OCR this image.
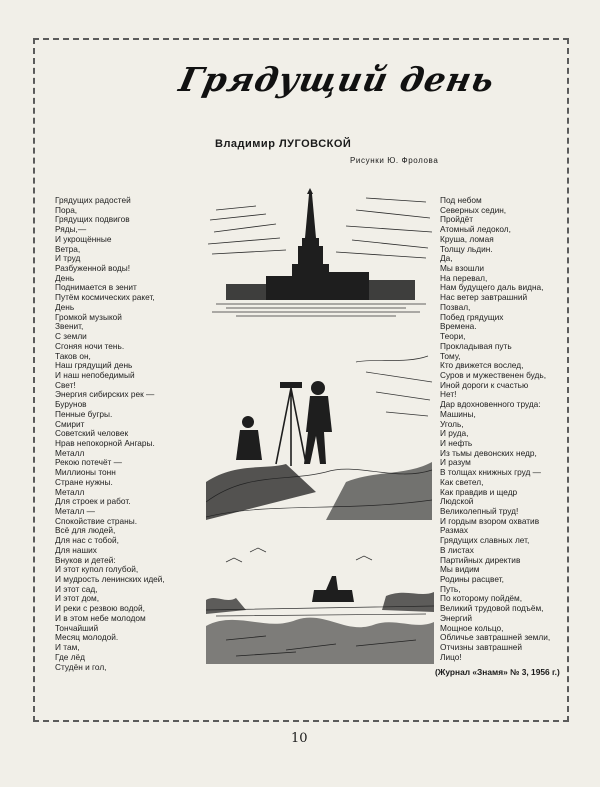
Грядущий день
Владимир ЛУГОВСКОЙ
Рисунки Ю. Фролова
Грядущих радостей
Пора,
Грядущих подвигов
Ряды,—
И укрощённые
Ветра,
И труд
Разбуженной воды!
День
Поднимается в зенит
Путём космических ракет,
День
Громкой музыкой
Звенит,
С земли
Сгоняя ночи тень.
Таков он,
Наш грядущий день
И наш непобедимый
Свет!
Энергия сибирских рек —
Бурунов
Пенные бугры.
Смирит
Советский человек
Нрав непокорной Ангары.
Металл
Рекою потечёт —
Миллионы тонн
Стране нужны.
Металл
Для строек и работ.
Металл —
Спокойствие страны.
Всё для людей,
Для нас с тобой,
Для наших
Внуков и детей:
И этот купол голубой,
И мудрость ленинских идей,
И этот сад,
И этот дом,
И реки с резвою водой,
И в этом небе молодом
Тончайший
Месяц молодой.
И там,
Где лёд
Студён и гол,
Под небом
Северных седин,
Пройдёт
Атомный ледокол,
Круша, ломая
Толщу льдин.
Да,
Мы взошли
На перевал,
Нам будущего даль видна,
Нас ветер завтрашний
Позвал,
Побед грядущих
Времена.
Теори,
Прокладывая путь
Тому,
Кто движется вослед,
Суров и мужественен будь,
Иной дороги к счастью
Нет!
Дар вдохновенного труда:
Машины,
Уголь,
И руда,
И нефть
Из тьмы девонских недр,
И разум
В толщах книжных груд —
Как светел,
Как правдив и щедр
Людской
Великолепный труд!
И гордым взором охватив
Размах
Грядущих славных лет,
В листах
Партийных директив
Мы видим
Родины расцвет,
Путь,
По которому пойдём,
Великий трудовой подъём,
Энергий
Мощное кольцо,
Обличье завтрашней земли,
Отчизны завтрашней
Лицо!
(Журнал «Знамя» № 3, 1956 г.)
10
